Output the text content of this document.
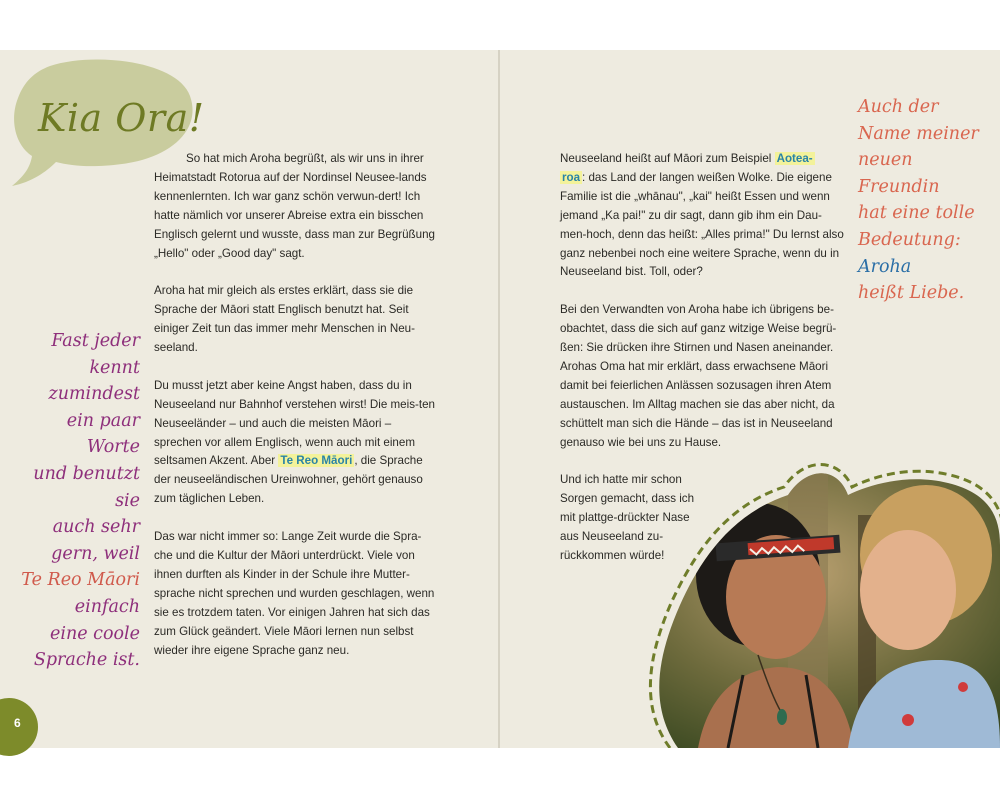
Kia Ora!

So hat mich Aroha begrüßt, als wir uns in ihrer Heimatstadt Rotorua auf der Nordinsel Neusee-lands kennenlernten. Ich war ganz schön verwun-dert! Ich hatte nämlich vor unserer Abreise extra ein bisschen Englisch gelernt und wusste, dass man zur Begrüßung „Hello" oder „Good day" sagt.

Aroha hat mir gleich als erstes erklärt, dass sie die Sprache der Māori statt Englisch benutzt hat. Seit einiger Zeit tun das immer mehr Menschen in Neu-seeland.

Du musst jetzt aber keine Angst haben, dass du in Neuseeland nur Bahnhof verstehen wirst! Die meis-ten Neuseeländer – und auch die meisten Māori – sprechen vor allem Englisch, wenn auch mit einem seltsamen Akzent. Aber Te Reo Māori , die Sprache der neuseeländischen Ureinwohner, gehört genauso zum täglichen Leben.

Das war nicht immer so: Lange Zeit wurde die Spra-che und die Kultur der Māori unterdrückt. Viele von ihnen durften als Kinder in der Schule ihre Mutter-sprache nicht sprechen und wurden geschlagen, wenn sie es trotzdem taten. Vor einigen Jahren hat sich das zum Glück geändert. Viele Māori lernen nun selbst wieder ihre eigene Sprache ganz neu.

Fast jeder
kennt zumindest
ein paar Worte
und benutzt sie
auch sehr
gern, weil
Te Reo Māori
einfach
eine coole
Sprache ist.

Neuseeland heißt auf Māori zum Beispiel Aotea-
roa : das Land der langen weißen Wolke. Die eigene Familie ist die „whānau", „kai" heißt Essen und wenn jemand „Ka pai!" zu dir sagt, dann gib ihm ein Dau-men-hoch, denn das heißt: „Alles prima!" Du lernst also ganz nebenbei noch eine weitere Sprache, wenn du in Neuseeland bist. Toll, oder?

Bei den Verwandten von Aroha habe ich übrigens be-obachtet, dass die sich auf ganz witzige Weise begrü-ßen: Sie drücken ihre Stirnen und Nasen aneinander. Arohas Oma hat mir erklärt, dass erwachsene Māori damit bei feierlichen Anlässen sozusagen ihren Atem austauschen. Im Alltag machen sie das aber nicht, da schüttelt man sich die Hände – das ist in Neuseeland genauso wie bei uns zu Hause.

Und ich hatte mir schon Sorgen gemacht, dass ich mit plattge-drückter Nase aus Neuseeland zu-rückkommen würde!
Auch der
Name meiner
neuen Freundin
hat eine tolle
Bedeutung:
Aroha
heißt Liebe.
6
